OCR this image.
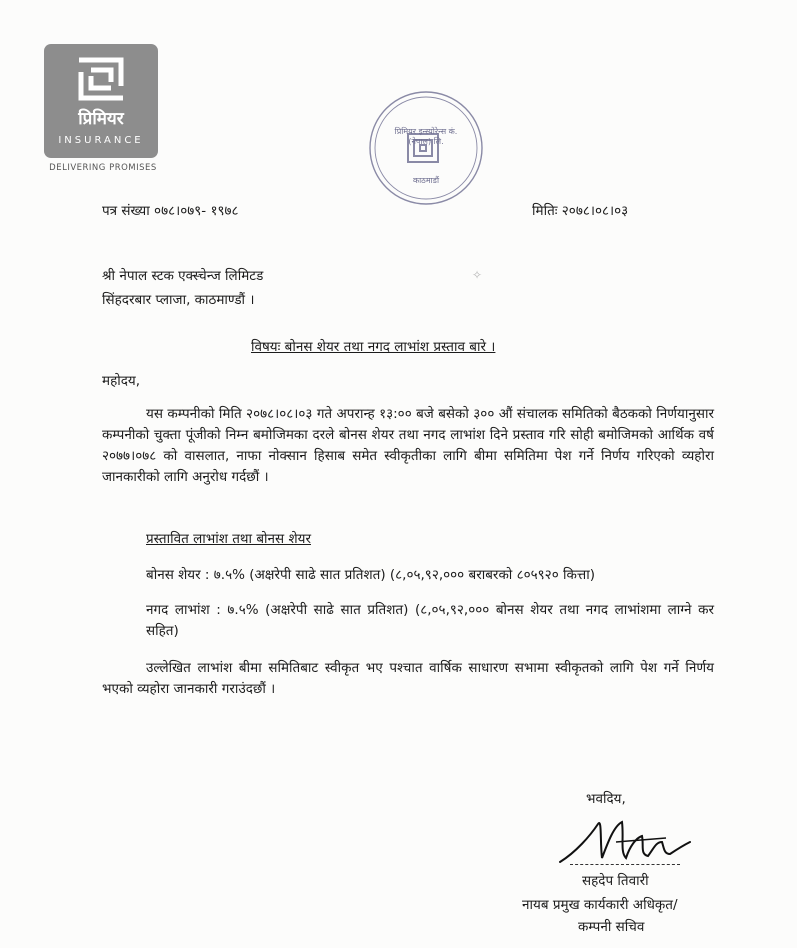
प्रिमियर
INSURANCE
DELIVERING PROMISES
प्रिमियर इन्स्योरेन्स कं. (नेपाल) लि.
काठमाडौं
पत्र संख्या ०७८।०७९- १९७८	मितिः २०७८।०८।०३
श्री नेपाल स्टक एक्स्चेन्ज लिमिटड
सिंहदरबार प्लाजा, काठमाण्डौं ।
✧
विषयः बोनस शेयर तथा नगद लाभांश प्रस्ताव बारे ।
महोदय,
यस कम्पनीको मिति २०७८।०८।०३ गते अपरान्ह १३:०० बजे बसेको ३०० औं संचालक समितिको बैठकको निर्णयानुसार कम्पनीको चुक्ता पूंजीको निम्न बमोजिमका दरले बोनस शेयर तथा नगद लाभांश दिने प्रस्ताव गरि सोही बमोजिमको आर्थिक वर्ष २०७७।०७८ को वासलात, नाफा नोक्सान हिसाब समेत स्वीकृतीका लागि बीमा समितिमा पेश गर्ने निर्णय गरिएको व्यहोरा जानकारीको लागि अनुरोध गर्दछौं ।
प्रस्तावित लाभांश तथा बोनस शेयर
बोनस शेयर : ७.५% (अक्षरेपी साढे सात प्रतिशत) (८,०५,९२,००० बराबरको ८०५९२० कित्ता)
नगद लाभांश : ७.५% (अक्षरेपी साढे सात प्रतिशत) (८,०५,९२,००० बोनस शेयर तथा नगद लाभांशमा लाग्ने कर सहित)
उल्लेखित लाभांश बीमा समितिबाट स्वीकृत भए पश्चात वार्षिक साधारण सभामा स्वीकृतको लागि पेश गर्ने निर्णय भएको व्यहोरा जानकारी गराउंदछौं ।
भवदिय,
सहदेप तिवारी
नायब प्रमुख कार्यकारी अधिकृत/
कम्पनी सचिव
